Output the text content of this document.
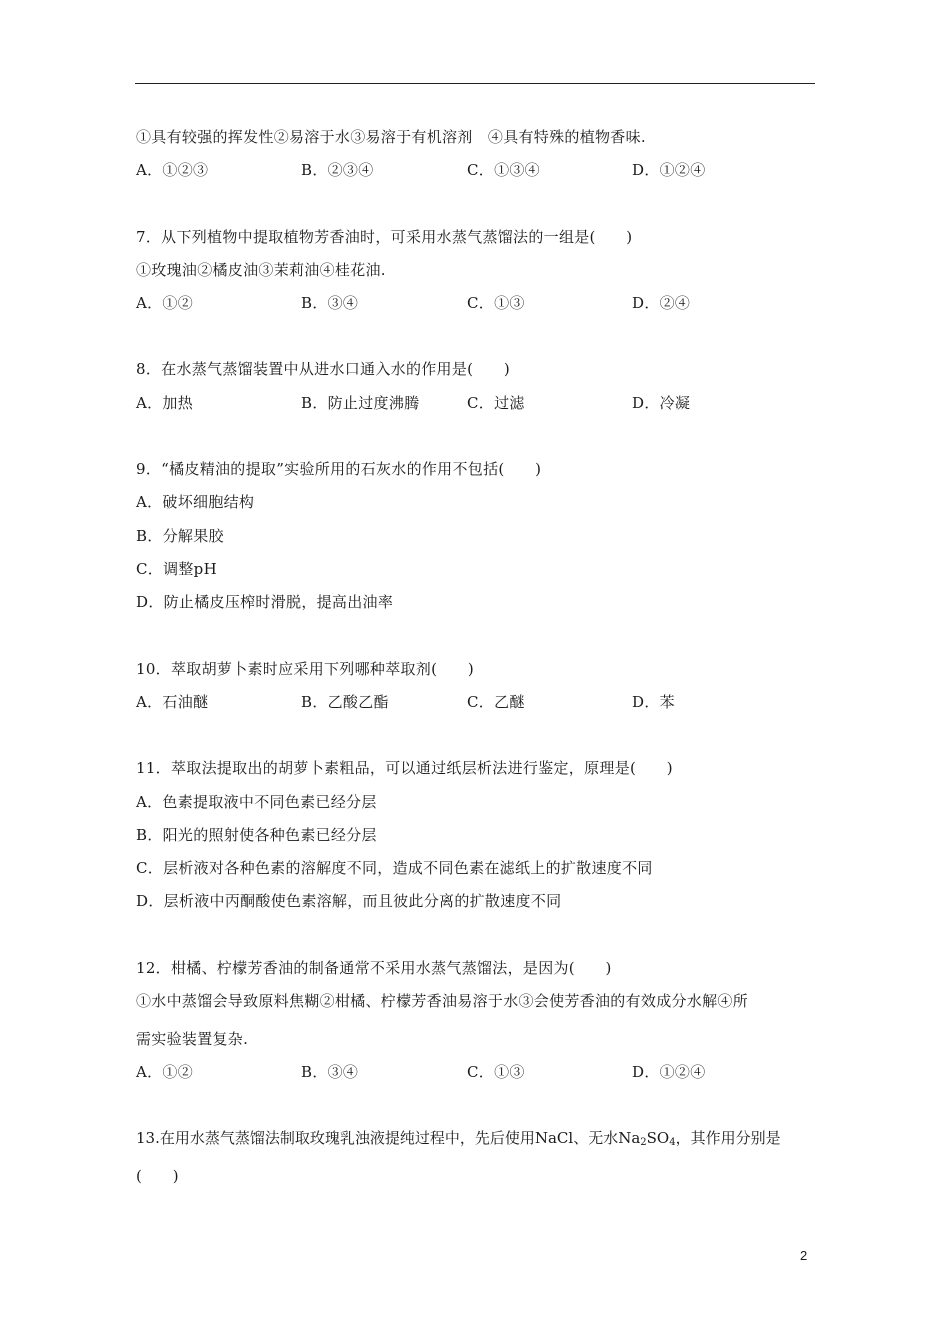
①具有较强的挥发性②易溶于水③易溶于有机溶剂　④具有特殊的植物香味.
A．①②③	B．②③④	C．①③④	D．①②④
7．从下列植物中提取植物芳香油时，可采用水蒸气蒸馏法的一组是(　　)
①玫瑰油②橘皮油③茉莉油④桂花油.
A．①②	B．③④	C．①③	D．②④
8．在水蒸气蒸馏装置中从进水口通入水的作用是(　　)
A．加热	B．防止过度沸腾	C．过滤	D．冷凝
9．“橘皮精油的提取”实验所用的石灰水的作用不包括(　　)
A．破坏细胞结构
B．分解果胶
C．调整pH
D．防止橘皮压榨时滑脱，提高出油率
10．萃取胡萝卜素时应采用下列哪种萃取剂(　　)
A．石油醚	B．乙酸乙酯	C．乙醚	D．苯
11．萃取法提取出的胡萝卜素粗品，可以通过纸层析法进行鉴定，原理是(　　)
A．色素提取液中不同色素已经分层
B．阳光的照射使各种色素已经分层
C．层析液对各种色素的溶解度不同，造成不同色素在滤纸上的扩散速度不同
D．层析液中丙酮酸使色素溶解，而且彼此分离的扩散速度不同
12．柑橘、柠檬芳香油的制备通常不采用水蒸气蒸馏法，是因为(　　)
①水中蒸馏会导致原料焦糊②柑橘、柠檬芳香油易溶于水③会使芳香油的有效成分水解④所
需实验装置复杂.
A．①②	B．③④	C．①③	D．①②④
13.在用水蒸气蒸馏法制取玫瑰乳浊液提纯过程中，先后使用NaCl、无水$Na_2SO_4$，其作用分别是
(　　)
2
